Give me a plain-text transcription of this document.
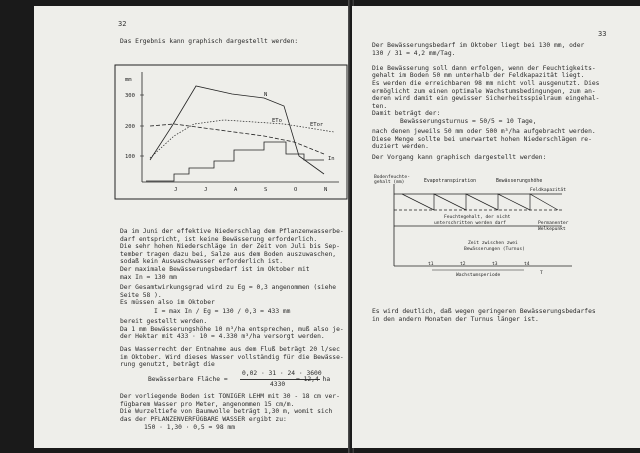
32
Das Ergebnis kann graphisch dargestellt werden:
mm
300
200
100
J	J	A	S	O	N
N
ETo
ETor
In
Da im Juni der effektive Niederschlag dem Pflanzenwasserbe-
darf entspricht, ist keine Bewässerung erforderlich.
Die sehr hohen Niederschläge in der Zeit von Juli bis Sep-
tember tragen dazu bei, Salze aus dem Boden auszuwaschen,
sodaß kein Auswaschwasser erforderlich ist.
Der maximale Bewässerungsbedarf ist im Oktober mit
max In = 130 mm
Der Gesamtwirkungsgrad wird zu Eg = 0,3 angenommen (siehe
Seite 58 ).
Es müssen also im Oktober
I = max In / Eg = 130 / 0,3 = 433 mm
bereit gestellt werden.
Da 1 mm Bewässerungshöhe 10 m³/ha entsprechen, muß also je-
der Hektar mit 433 · 10 = 4.330 m³/ha versorgt werden.
Das Wasserrecht der Entnahme aus dem Fluß beträgt 20 l/sec
im Oktober. Wird dieses Wasser vollständig für die Bewässe-
rung genutzt, beträgt die
Bewässerbare Fläche =
0,02 · 31 · 24 · 3600
4330
= 12,4 ha
Der vorliegende Boden ist TONIGER LEHM mit 30 - 18 cm ver-
fügbarem Wasser pro Meter, angenommen 15 cm/m.
Die Wurzeltiefe von Baumwolle beträgt 1,30 m, womit sich
das der PFLANZENVERFÜGBARE WASSER ergibt zu:
150 · 1,30 · 0,5 = 98 mm
33
Der Bewässerungsbedarf im Oktober liegt bei 130 mm, oder
130 / 31 = 4,2 mm/Tag.

Die Bewässerung soll dann erfolgen, wenn der Feuchtigkeits-
gehalt im Boden 50 mm unterhalb der Feldkapazität liegt.
Es werden die erreichbaren 98 mm nicht voll ausgenutzt. Dies
ermöglicht zum einen optimale Wachstumsbedingungen, zum an-
deren wird damit ein gewisser Sicherheitsspielraum eingehal-
ten.
Damit beträgt der:
Bewässerungsturnus = 50/5 = 10 Tage,
nach denen jeweils 50 mm oder 500 m³/ha aufgebracht werden.
Diese Menge sollte bei unerwartet hohen Niederschlägen re-
duziert werden.
Der Vorgang kann graphisch dargestellt werden:
Bodenfeuchte-
gehalt (mm)	Evapotranspiration	Bewässerungshöhe
Feldkapazität
Feuchtegehalt, der nicht
unterschritten werden darf	Permanenter
Welkepunkt
Zeit zwischen zwei
Bewässerungen (Turnus)
t1	t2	t3	t4
T
Wachstumsperiode
Es wird deutlich, daß wegen geringeren Bewässerungsbedarfes
in den andern Monaten der Turnus länger ist.
